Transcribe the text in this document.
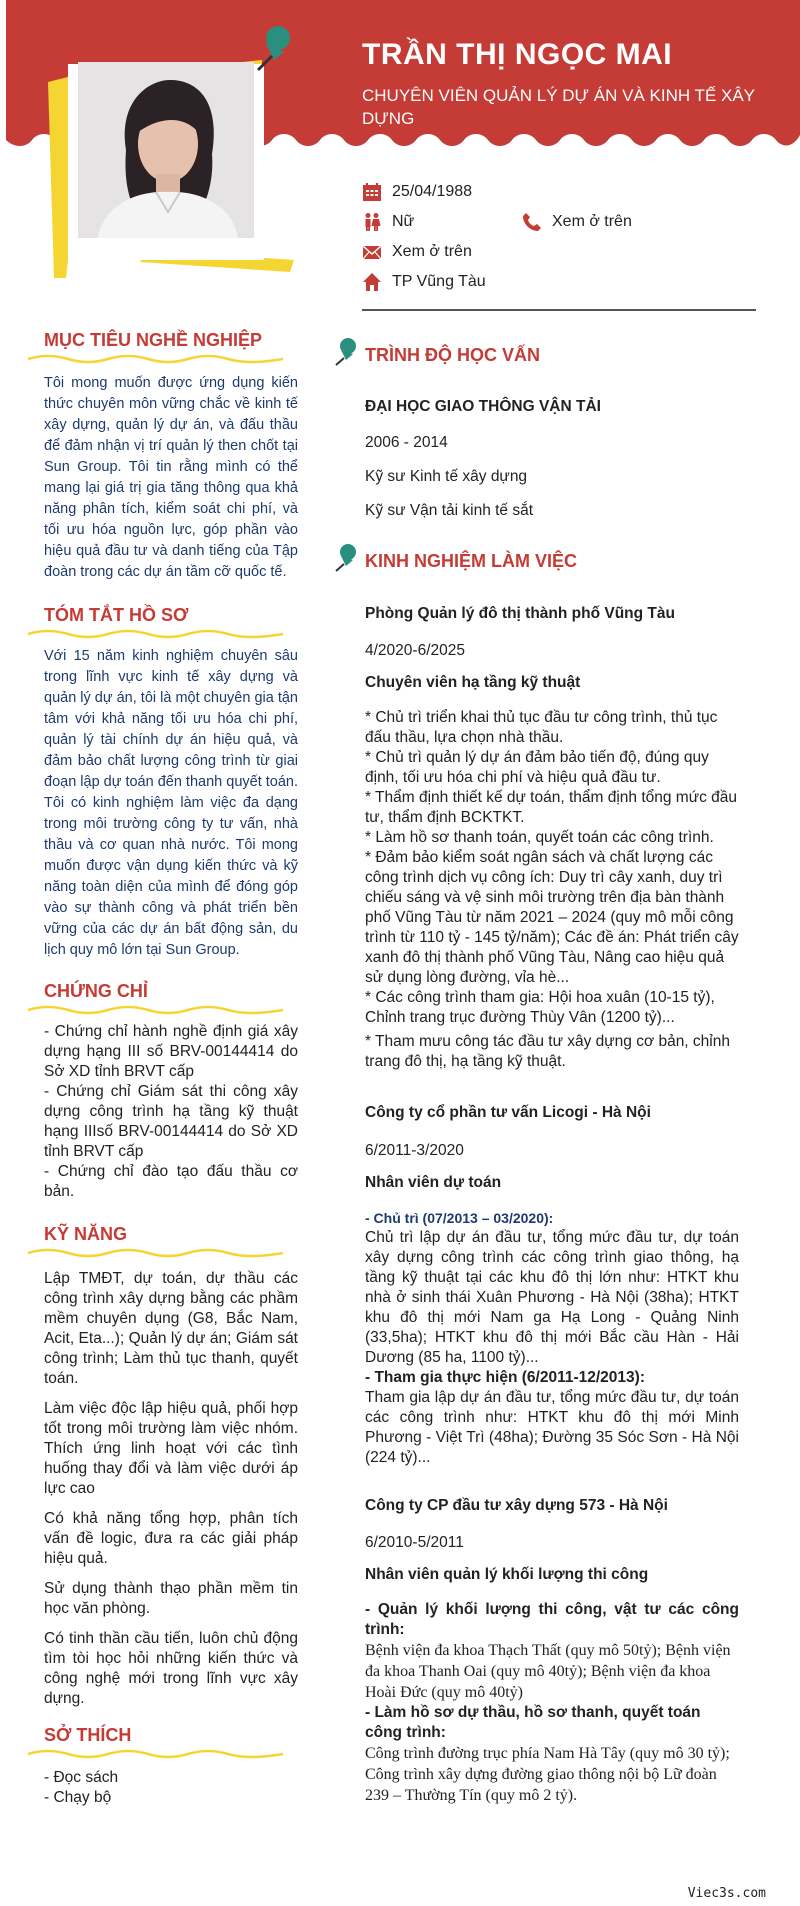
TRẦN THỊ NGỌC MAI
CHUYÊN VIÊN QUẢN LÝ DỰ ÁN VÀ KINH TẾ XÂY DỰNG
25/04/1988
Nữ	Xem ở trên
Xem ở trên
TP Vũng Tàu
MỤC TIÊU NGHỀ NGHIỆP
Tôi mong muốn được ứng dụng kiến thức chuyên môn vững chắc về kinh tế xây dựng, quản lý dự án, và đấu thầu để đảm nhận vị trí quản lý then chốt tại Sun Group. Tôi tin rằng mình có thể mang lại giá trị gia tăng thông qua khả năng phân tích, kiểm soát chi phí, và tối ưu hóa nguồn lực, góp phần vào hiệu quả đầu tư và danh tiếng của Tập đoàn trong các dự án tầm cỡ quốc tế.
TÓM TẮT HỒ SƠ
Với 15 năm kinh nghiệm chuyên sâu trong lĩnh vực kinh tế xây dựng và quản lý dự án, tôi là một chuyên gia tận tâm với khả năng tối ưu hóa chi phí, quản lý tài chính dự án hiệu quả, và đảm bảo chất lượng công trình từ giai đoạn lập dự toán đến thanh quyết toán. Tôi có kinh nghiệm làm việc đa dạng trong môi trường công ty tư vấn, nhà thầu và cơ quan nhà nước. Tôi mong muốn được vận dụng kiến thức và kỹ năng toàn diện của mình để đóng góp vào sự thành công và phát triển bền vững của các dự án bất động sản, du lịch quy mô lớn tại Sun Group.
CHỨNG CHỈ
- Chứng chỉ hành nghề định giá xây dựng hạng III số BRV-00144414 do Sở XD tỉnh BRVT cấp
- Chứng chỉ Giám sát thi công xây dựng công trình hạ tầng kỹ thuật hạng IIIsố BRV-00144414 do Sở XD tỉnh BRVT cấp
- Chứng chỉ đào tạo đấu thầu cơ bản.
KỸ NĂNG
Lập TMĐT, dự toán, dự thầu các công trình xây dựng bằng các phầm mềm chuyên dụng (G8, Bắc Nam, Acit, Eta...); Quản lý dự án; Giám sát công trình; Làm thủ tục thanh, quyết toán.
Làm việc độc lập hiệu quả, phối hợp tốt trong môi trường làm việc nhóm. Thích ứng linh hoạt với các tình huống thay đổi và làm việc dưới áp lực cao
Có khả năng tổng hợp, phân tích vấn đề logic, đưa ra các giải pháp hiệu quả.
Sử dụng thành thạo phần mềm tin học văn phòng.
Có tinh thần cầu tiến, luôn chủ động tìm tòi học hỏi những kiến thức và công nghệ mới trong lĩnh vực xây dựng.
SỞ THÍCH
- Đọc sách
- Chạy bộ
TRÌNH ĐỘ HỌC VẤN
ĐẠI HỌC GIAO THÔNG VẬN TẢI
2006 - 2014
Kỹ sư Kinh tế xây dựng
Kỹ sư Vận tải kinh tế sắt
KINH NGHIỆM LÀM VIỆC
Phòng Quản lý đô thị thành phố Vũng Tàu
4/2020-6/2025
Chuyên viên hạ tầng kỹ thuật
* Chủ trì triển khai thủ tục đầu tư công trình, thủ tục đấu thầu, lựa chọn nhà thầu.
* Chủ trì quản lý dự án đảm bảo tiến độ, đúng quy định, tối ưu hóa chi phí và hiệu quả đầu tư.
* Thẩm định thiết kế dự toán, thẩm định tổng mức đầu tư, thẩm định BCKTKT.
* Làm hồ sơ thanh toán, quyết toán các công trình.
* Đảm bảo kiểm soát ngân sách và chất lượng các công trình dịch vụ công ích: Duy trì cây xanh, duy trì chiếu sáng và vệ sinh môi trường trên địa bàn thành phố Vũng Tàu từ năm 2021 – 2024 (quy mô mỗi công trình từ 110 tỷ - 145 tỷ/năm); Các đề án: Phát triển cây xanh đô thị thành phố Vũng Tàu, Nâng cao hiệu quả sử dụng lòng đường, vỉa hè...
* Các công trình tham gia: Hội hoa xuân (10-15 tỷ), Chỉnh trang trục đường Thùy Vân (1200 tỷ)...
* Tham mưu công tác đầu tư xây dựng cơ bản, chỉnh trang đô thị, hạ tầng kỹ thuật.
Công ty cổ phần tư vấn Licogi - Hà Nội
6/2011-3/2020
Nhân viên dự toán
- Chủ trì (07/2013 – 03/2020):
Chủ trì lập dự án đầu tư, tổng mức đầu tư, dự toán xây dựng công trình các công trình giao thông, hạ tầng kỹ thuật tại các khu đô thị lớn như: HTKT khu nhà ở sinh thái Xuân Phương - Hà Nội (38ha); HTKT khu đô thị mới Nam ga Hạ Long - Quảng Ninh (33,5ha); HTKT khu đô thị mới Bắc cầu Hàn - Hải Dương (85 ha, 1100 tỷ)...
- Tham gia thực hiện (6/2011-12/2013):
Tham gia lập dự án đầu tư, tổng mức đầu tư, dự toán các công trình như: HTKT khu đô thị mới Minh Phương - Việt Trì (48ha); Đường 35 Sóc Sơn - Hà Nội (224 tỷ)...
Công ty CP đầu tư xây dựng 573 - Hà Nội
6/2010-5/2011
Nhân viên quản lý khối lượng thi công
- Quản lý khối lượng thi công, vật tư các công trình:
Bệnh viện đa khoa Thạch Thất (quy mô 50tỷ); Bệnh viện đa khoa Thanh Oai (quy mô 40tỷ); Bệnh viện đa khoa Hoài Đức (quy mô 40tỷ)
- Làm hồ sơ dự thầu, hồ sơ thanh, quyết toán công trình:
Công trình đường trục phía Nam Hà Tây (quy mô 30 tỷ); Công trình xây dựng đường giao thông nội bộ Lữ đoàn 239 – Thường Tín (quy mô 2 tỷ).
Viec3s.com
